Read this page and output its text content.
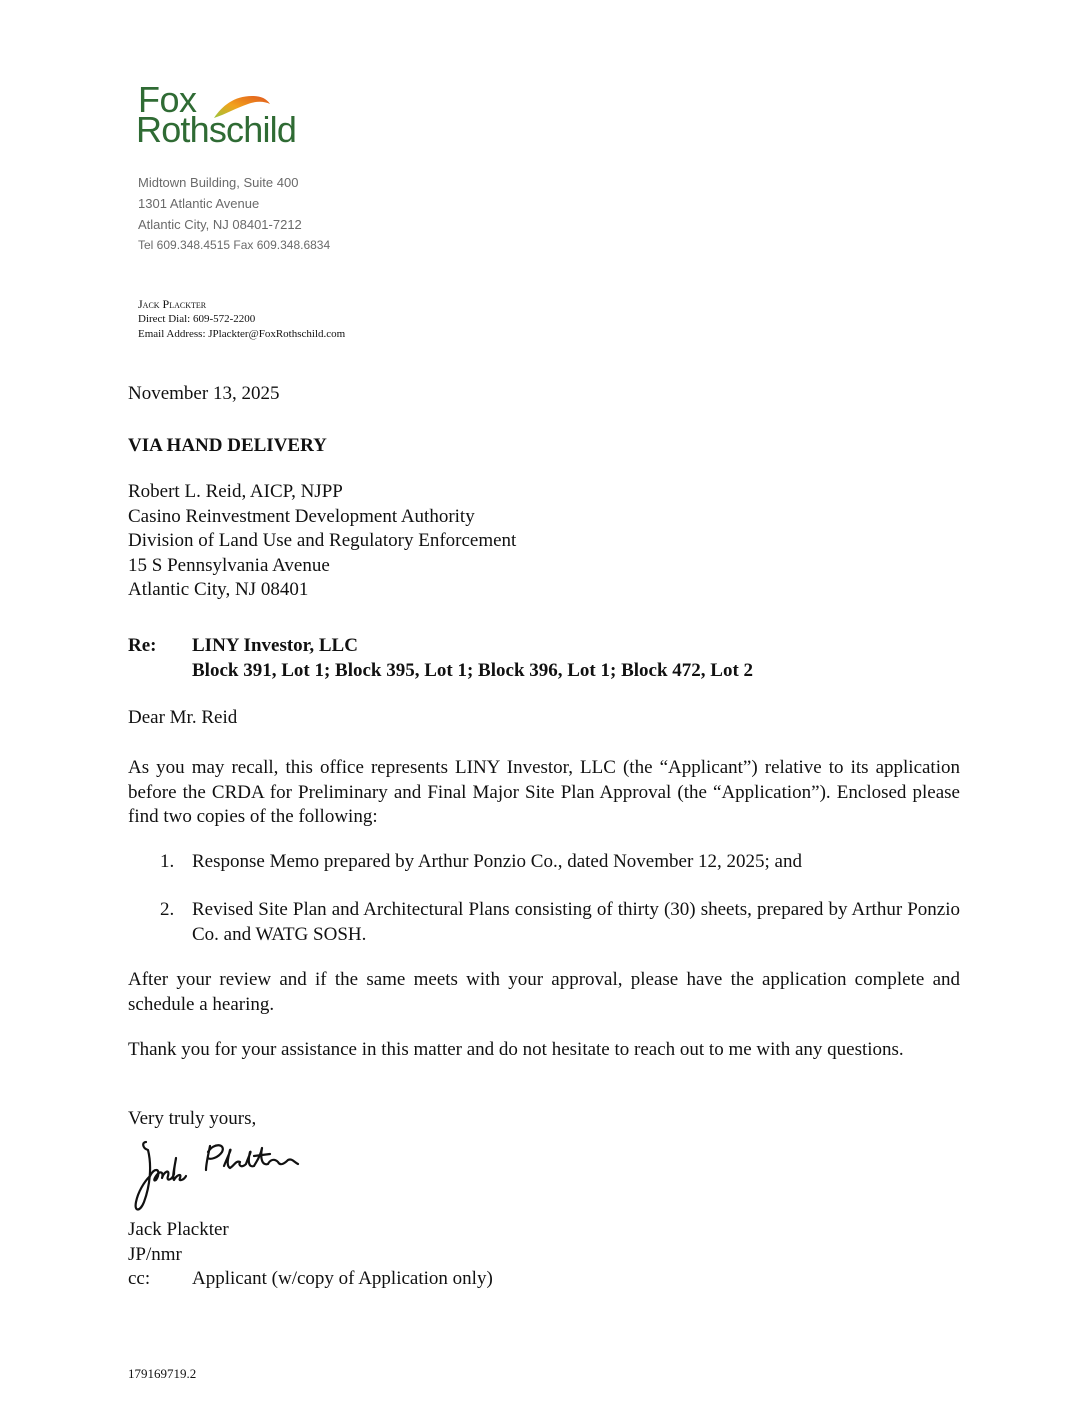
Fox
Rothschild
Midtown Building, Suite 400
1301 Atlantic Avenue
Atlantic City, NJ 08401-7212
Tel 609.348.4515 Fax 609.348.6834
Jack Plackter
Direct Dial: 609-572-2200
Email Address: JPlackter@FoxRothschild.com
November 13, 2025
VIA HAND DELIVERY
Robert L. Reid, AICP, NJPP
Casino Reinvestment Development Authority
Division of Land Use and Regulatory Enforcement
15 S Pennsylvania Avenue
Atlantic City, NJ 08401
Re: LINY Investor, LLC
Block 391, Lot 1; Block 395, Lot 1; Block 396, Lot 1; Block 472, Lot 2
Dear Mr. Reid
As you may recall, this office represents LINY Investor, LLC (the “Applicant”) relative to its application before the CRDA for Preliminary and Final Major Site Plan Approval (the “Application”). Enclosed please find two copies of the following:
1. Response Memo prepared by Arthur Ponzio Co., dated November 12, 2025; and
2. Revised Site Plan and Architectural Plans consisting of thirty (30) sheets, prepared by Arthur Ponzio Co. and WATG SOSH.
After your review and if the same meets with your approval, please have the application complete and schedule a hearing.
Thank you for your assistance in this matter and do not hesitate to reach out to me with any questions.
Very truly yours,
Jack Plackter
JP/nmr
cc: Applicant (w/copy of Application only)
179169719.2
